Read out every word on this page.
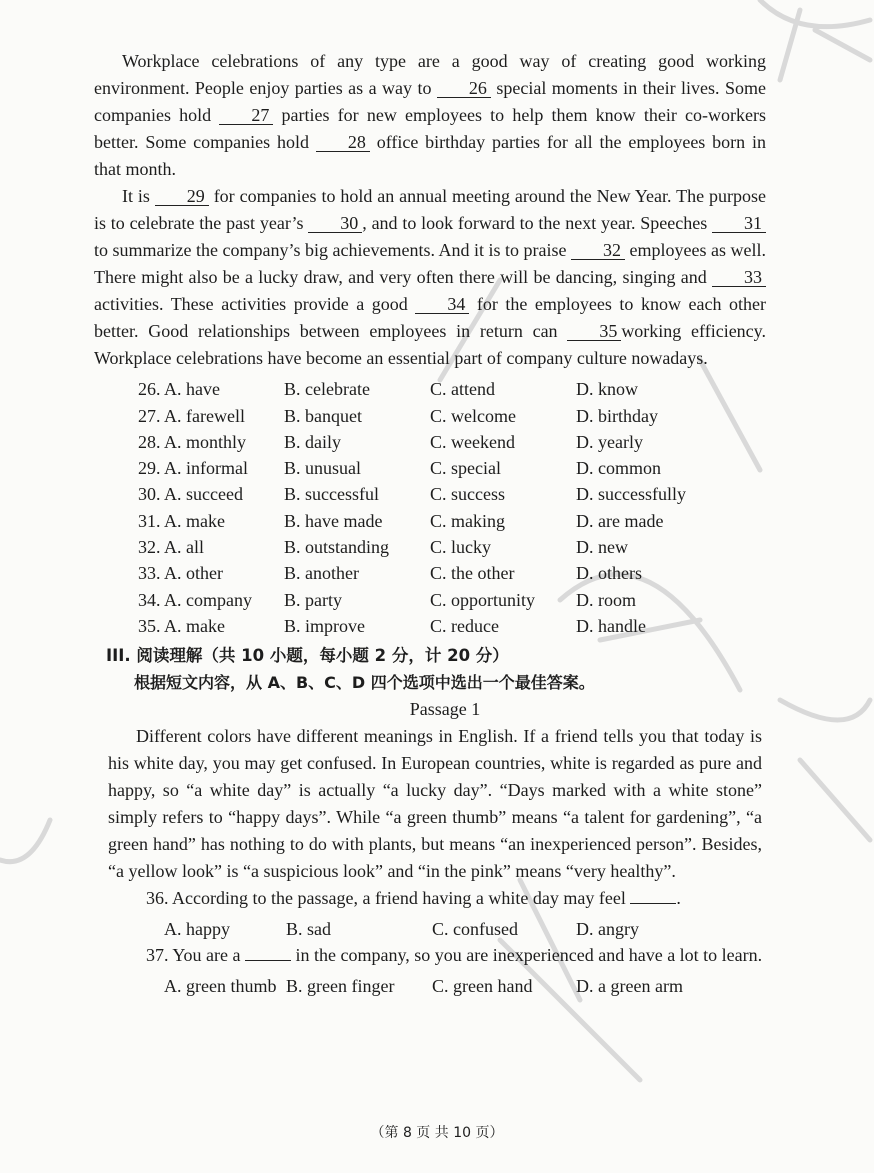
Workplace celebrations of any type are a good way of creating good working environment. People enjoy parties as a way to 26 special moments in their lives. Some companies hold 27 parties for new employees to help them know their co-workers better. Some companies hold 28 office birthday parties for all the employees born in that month.

It is 29 for companies to hold an annual meeting around the New Year. The purpose is to celebrate the past year’s 30 , and to look forward to the next year. Speeches 31 to summarize the company’s big achievements. And it is to praise 32 employees as well. There might also be a lucky draw, and very often there will be dancing, singing and 33 activities. These activities provide a good 34 for the employees to know each other better. Good relationships between employees in return can 35 working efficiency. Workplace celebrations have become an essential part of company culture nowadays.

26. A. have	B. celebrate	C. attend	D. know
27. A. farewell	B. banquet	C. welcome	D. birthday
28. A. monthly	B. daily	C. weekend	D. yearly
29. A. informal	B. unusual	C. special	D. common
30. A. succeed	B. successful	C. success	D. successfully
31. A. make	B. have made	C. making	D. are made
32. A. all	B. outstanding	C. lucky	D. new
33. A. other	B. another	C. the other	D. others
34. A. company	B. party	C. opportunity	D. room
35. A. make	B. improve	C. reduce	D. handle
III. 阅读理解（共 10 小题，每小题 2 分，计 20 分）
根据短文内容，从 A、B、C、D 四个选项中选出一个最佳答案。
Passage 1

Different colors have different meanings in English. If a friend tells you that today is his white day, you may get confused. In European countries, white is regarded as pure and happy, so “a white day” is actually “a lucky day”. “Days marked with a white stone” simply refers to “happy days”. While “a green thumb” means “a talent for gardening”, “a green hand” has nothing to do with plants, but means “an inexperienced person”. Besides, “a yellow look” is “a suspicious look” and “in the pink” means “very healthy”.

36. According to the passage, a friend having a white day may feel	.
A. happy	B. sad	C. confused	D. angry
37. You are a	in the company, so you are inexperienced and have a lot to learn.
A. green thumb B. green finger	C. green hand	D. a green arm
（第 8 页 共 10 页）
